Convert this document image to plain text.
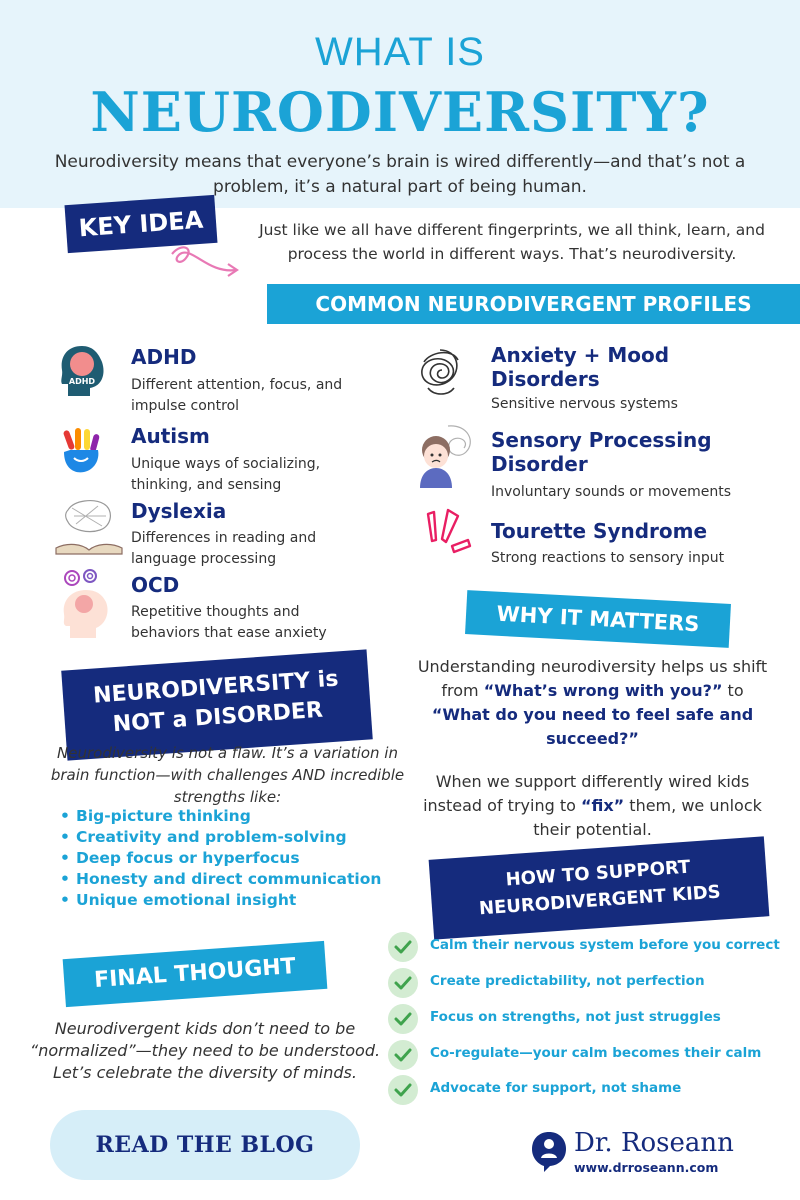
WHAT IS
NEURODIVERSITY?
Neurodiversity means that everyone’s brain is wired differently—and that’s not a problem, it’s a natural part of being human.
KEY IDEA	Just like we all have different fingerprints, we all think, learn, and process the world in different ways. That’s neurodiversity.
COMMON NEURODIVERGENT PROFILES
ADHD
ADHD
Different attention, focus, and impulse control
Autism
Unique ways of socializing, thinking, and sensing
Dyslexia
Differences in reading and language processing
OCD
Repetitive thoughts and behaviors that ease anxiety
Anxiety + Mood Disorders
Sensitive nervous systems
Sensory Processing Disorder
Involuntary sounds or movements
Tourette Syndrome
Strong reactions to sensory input
WHY IT MATTERS
Understanding neurodiversity helps us shift from “What’s wrong with you?” to
“What do you need to feel safe and succeed?”
When we support differently wired kids instead of trying to “fix” them, we unlock their potential.
NEURODIVERSITY is
NOT a DISORDER
Neurodiversity is not a flaw. It’s a variation in brain function—with challenges AND incredible strengths like:
• Big-picture thinking
• Creativity and problem-solving
• Deep focus or hyperfocus
• Honesty and direct communication
• Unique emotional insight
HOW TO SUPPORT
NEURODIVERGENT KIDS
Calm their nervous system before you correct
Create predictability, not perfection
Focus on strengths, not just struggles
Co-regulate—your calm becomes their calm
Advocate for support, not shame
FINAL THOUGHT
Neurodivergent kids don’t need to be “normalized”—they need to be understood. Let’s celebrate the diversity of minds.
READ THE BLOG	Dr. Roseann
www.drroseann.com
